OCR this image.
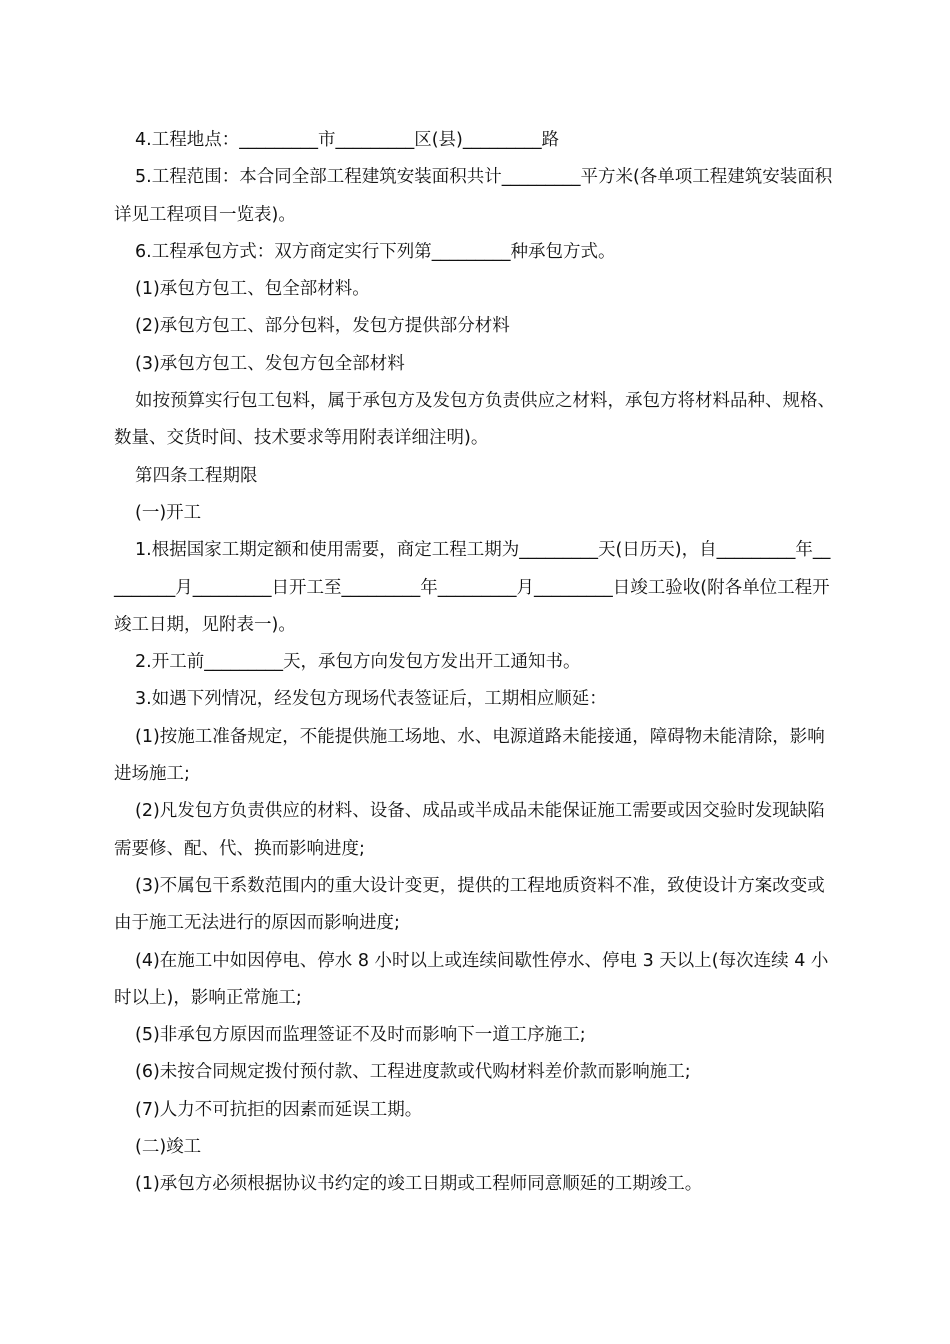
4.工程地点：_________市_________区(县)_________路

5.工程范围：本合同全部工程建筑安装面积共计_________平方米(各单项工程建筑安装面积详见工程项目一览表)。

6.工程承包方式：双方商定实行下列第_________种承包方式。

(1)承包方包工、包全部材料。

(2)承包方包工、部分包料，发包方提供部分材料

(3)承包方包工、发包方包全部材料

如按预算实行包工包料，属于承包方及发包方负责供应之材料，承包方将材料品种、规格、数量、交货时间、技术要求等用附表详细注明)。

第四条工程期限

(一)开工

1.根据国家工期定额和使用需要，商定工程工期为_________天(日历天)，自_________年_________月_________日开工至_________年_________月_________日竣工验收(附各单位工程开竣工日期，见附表一)。

2.开工前_________天，承包方向发包方发出开工通知书。

3.如遇下列情况，经发包方现场代表签证后，工期相应顺延：

(1)按施工准备规定，不能提供施工场地、水、电源道路未能接通，障碍物未能清除，影响进场施工;

(2)凡发包方负责供应的材料、设备、成品或半成品未能保证施工需要或因交验时发现缺陷需要修、配、代、换而影响进度;

(3)不属包干系数范围内的重大设计变更，提供的工程地质资料不准，致使设计方案改变或由于施工无法进行的原因而影响进度;

(4)在施工中如因停电、停水 8 小时以上或连续间歇性停水、停电 3 天以上(每次连续 4 小时以上)，影响正常施工;

(5)非承包方原因而监理签证不及时而影响下一道工序施工;

(6)未按合同规定拨付预付款、工程进度款或代购材料差价款而影响施工;

(7)人力不可抗拒的因素而延误工期。

(二)竣工

(1)承包方必须根据协议书约定的竣工日期或工程师同意顺延的工期竣工。
